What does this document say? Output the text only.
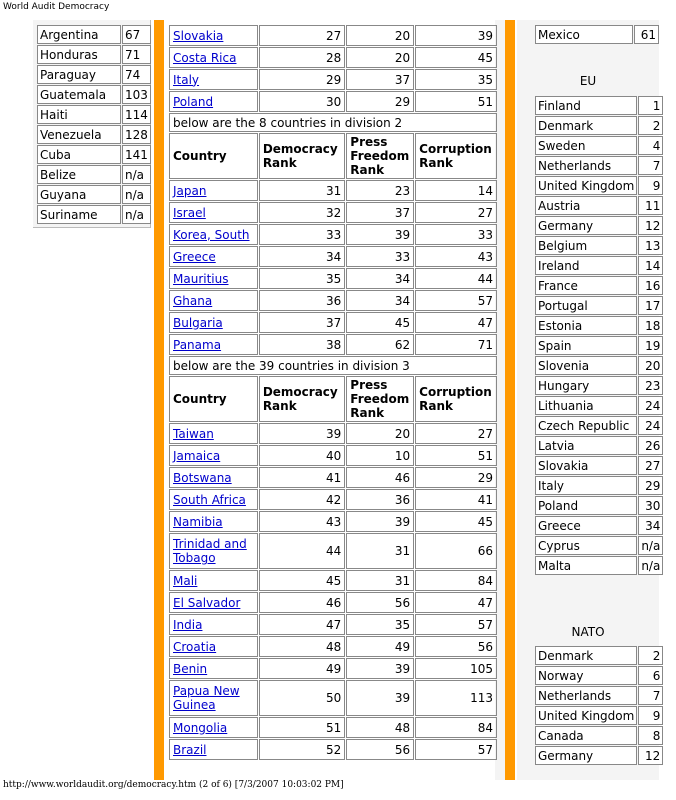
World Audit Democracy
Argentina	67
Honduras	71
Paraguay	74
Guatemala	103
Haiti	114
Venezuela	128
Cuba	141
Belize	n/a
Guyana	n/a
Suriname	n/a
Slovakia	27	20	39
Costa Rica	28	20	45
Italy	29	37	35
Poland	30	29	51
below are the 8 countries in division 2			
Country	Democracy Rank	Press Freedom Rank	Corruption Rank
Japan	31	23	14
Israel	32	37	27
Korea, South	33	39	33
Greece	34	33	43
Mauritius	35	34	44
Ghana	36	34	57
Bulgaria	37	45	47
Panama	38	62	71
below are the 39 countries in division 3			
Country	Democracy Rank	Press Freedom Rank	Corruption Rank
Taiwan	39	20	27
Jamaica	40	10	51
Botswana	41	46	29
South Africa	42	36	41
Namibia	43	39	45
Trinidad and Tobago	44	31	66
Mali	45	31	84
El Salvador	46	56	47
India	47	35	57
Croatia	48	49	56
Benin	49	39	105
Papua New Guinea	50	39	113
Mongolia	51	48	84
Brazil	52	56	57
Mexico	61
EU
Finland	1
Denmark	2
Sweden	4
Netherlands	7
United Kingdom	9
Austria	11
Germany	12
Belgium	13
Ireland	14
France	16
Portugal	17
Estonia	18
Spain	19
Slovenia	20
Hungary	23
Lithuania	24
Czech Republic	24
Latvia	26
Slovakia	27
Italy	29
Poland	30
Greece	34
Cyprus	n/a
Malta	n/a
NATO
Denmark	2
Norway	6
Netherlands	7
United Kingdom	9
Canada	8
Germany	12
http://www.worldaudit.org/democracy.htm (2 of 6) [7/3/2007 10:03:02 PM]
